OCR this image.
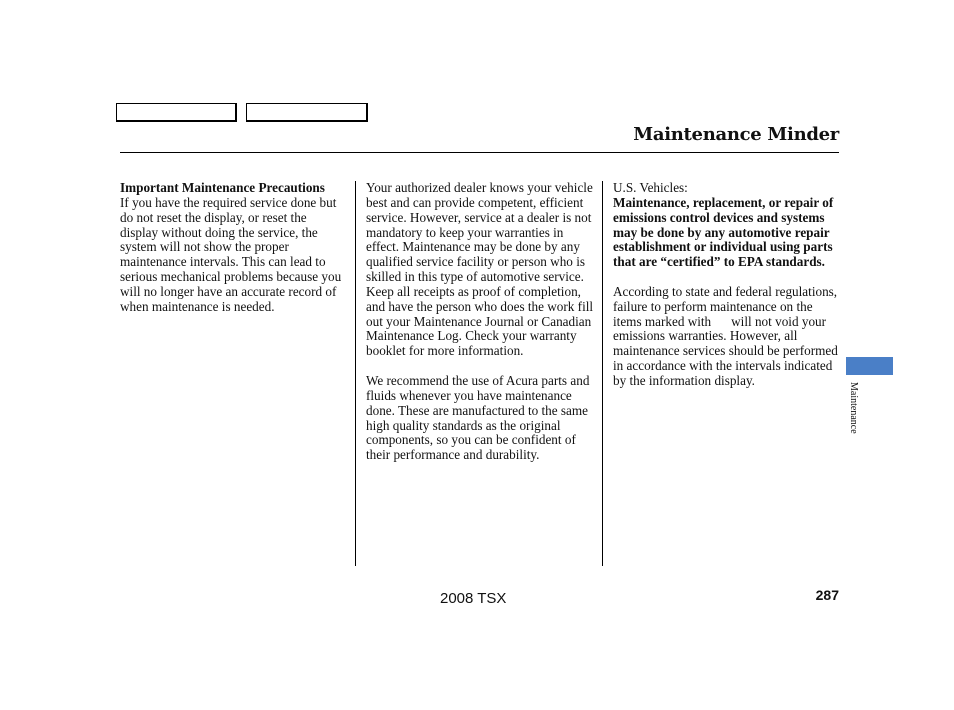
Maintenance Minder
Important Maintenance Precautions

If you have the required service done but do not reset the display, or reset the display without doing the service, the system will not show the proper maintenance intervals. This can lead to serious mechanical problems because you will no longer have an accurate record of when maintenance is needed.

Your authorized dealer knows your vehicle best and can provide competent, efficient service. However, service at a dealer is not mandatory to keep your warranties in effect. Maintenance may be done by any qualified service facility or person who is skilled in this type of automotive service. Keep all receipts as proof of completion, and have the person who does the work fill out your Maintenance Journal or Canadian Maintenance Log. Check your warranty booklet for more information.

We recommend the use of Acura parts and fluids whenever you have maintenance done. These are manufactured to the same high quality standards as the original components, so you can be confident of their performance and durability.

U.S. Vehicles:

Maintenance, replacement, or repair of emissions control devices and systems may be done by any automotive repair establishment or individual using parts that are “certified” to EPA standards.

According to state and federal regulations, failure to perform maintenance on the items marked with will not void your emissions warranties. However, all maintenance services should be performed in accordance with the intervals indicated by the information display.

Maintenance
2008 TSX	287
